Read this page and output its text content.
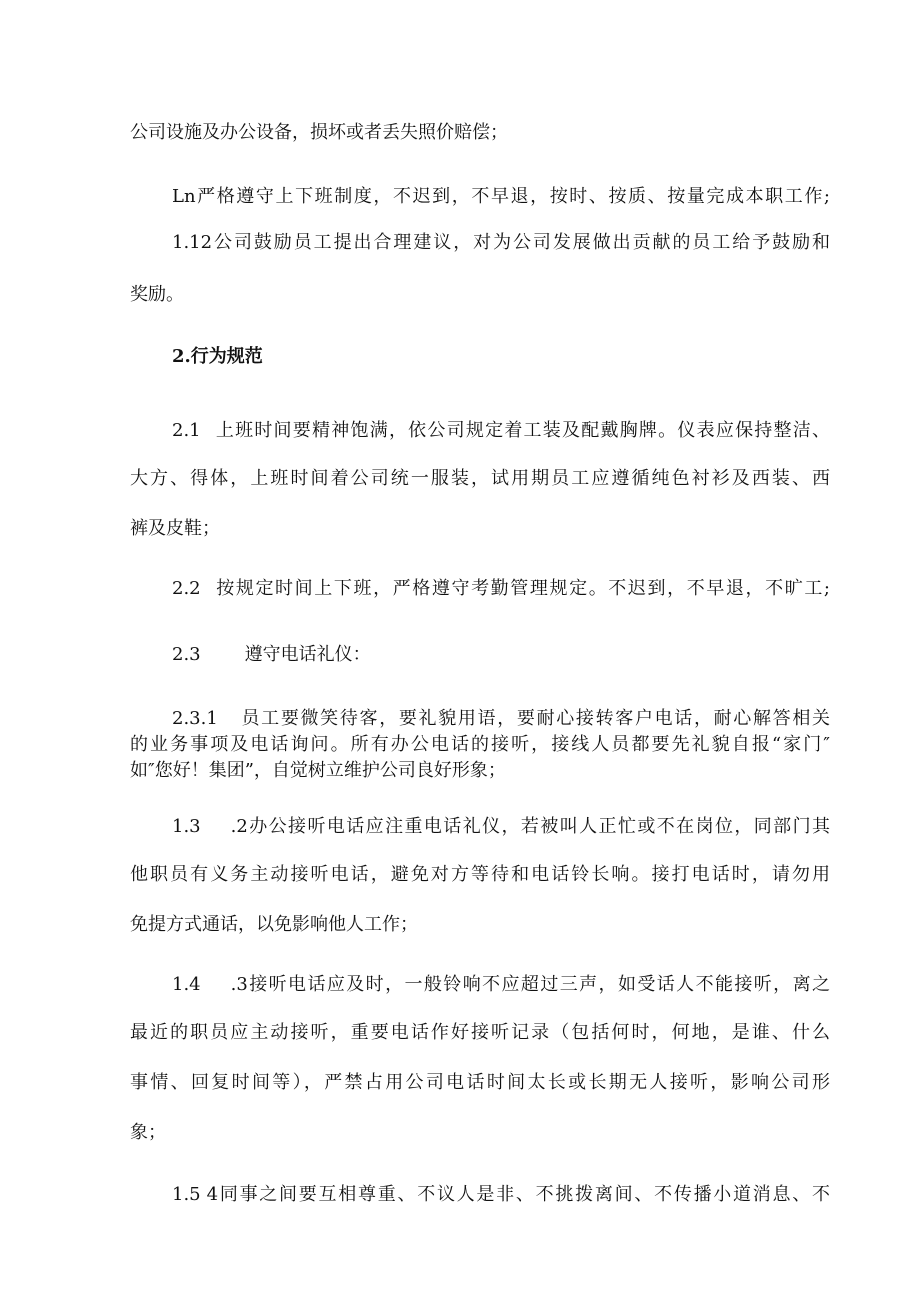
公司设施及办公设备，损坏或者丢失照价赔偿；
Ln严格遵守上下班制度，不迟到，不早退，按时、按质、按量完成本职工作;
1.12公司鼓励员工提出合理建议，对为公司发展做出贡献的员工给予鼓励和
奖励。
2.行为规范
2.1 上班时间要精神饱满，依公司规定着工装及配戴胸牌。仪表应保持整洁、
大方、得体，上班时间着公司统一服装，试用期员工应遵循纯色衬衫及西装、西
裤及皮鞋；
2.2 按规定时间上下班，严格遵守考勤管理规定。不迟到，不早退，不旷工;
2.3 遵守电话礼仪：
2.3.1 员工要微笑待客，要礼貌用语，要耐心接转客户电话，耐心解答相关
的业务事项及电话询问。所有办公电话的接听，接线人员都要先礼貌自报“家门″
如″您好！集团”，自觉树立维护公司良好形象；
1.3 .2办公接听电话应注重电话礼仪，若被叫人正忙或不在岗位，同部门其
他职员有义务主动接听电话，避免对方等待和电话铃长响。接打电话时，请勿用
免提方式通话，以免影响他人工作；
1.4 .3接听电话应及时，一般铃响不应超过三声，如受话人不能接听，离之
最近的职员应主动接听，重要电话作好接听记录（包括何时，何地，是谁、什么
事情、回复时间等），严禁占用公司电话时间太长或长期无人接听，影响公司形
象；
1.5 4同事之间要互相尊重、不议人是非、不挑拨离间、不传播小道消息、不
